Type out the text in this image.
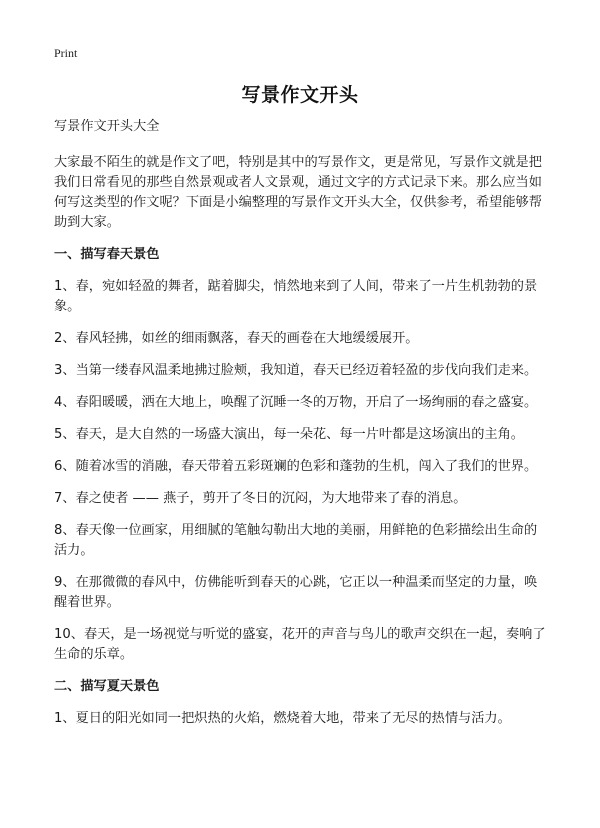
Print
写景作文开头

写景作文开头大全

大家最不陌生的就是作文了吧，特别是其中的写景作文，更是常见，写景作文就是把我们日常看见的那些自然景观或者人文景观，通过文字的方式记录下来。那么应当如何写这类型的作文呢？下面是小编整理的写景作文开头大全，仅供参考，希望能够帮助到大家。

一、描写春天景色

1、春，宛如轻盈的舞者，踮着脚尖，悄然地来到了人间，带来了一片生机勃勃的景象。

2、春风轻拂，如丝的细雨飘落，春天的画卷在大地缓缓展开。

3、当第一缕春风温柔地拂过脸颊，我知道，春天已经迈着轻盈的步伐向我们走来。

4、春阳暖暖，洒在大地上，唤醒了沉睡一冬的万物，开启了一场绚丽的春之盛宴。

5、春天，是大自然的一场盛大演出，每一朵花、每一片叶都是这场演出的主角。

6、随着冰雪的消融，春天带着五彩斑斓的色彩和蓬勃的生机，闯入了我们的世界。

7、春之使者 —— 燕子，剪开了冬日的沉闷，为大地带来了春的消息。

8、春天像一位画家，用细腻的笔触勾勒出大地的美丽，用鲜艳的色彩描绘出生命的活力。

9、在那微微的春风中，仿佛能听到春天的心跳，它正以一种温柔而坚定的力量，唤醒着世界。

10、春天，是一场视觉与听觉的盛宴，花开的声音与鸟儿的歌声交织在一起，奏响了生命的乐章。

二、描写夏天景色

1、夏日的阳光如同一把炽热的火焰，燃烧着大地，带来了无尽的热情与活力。
